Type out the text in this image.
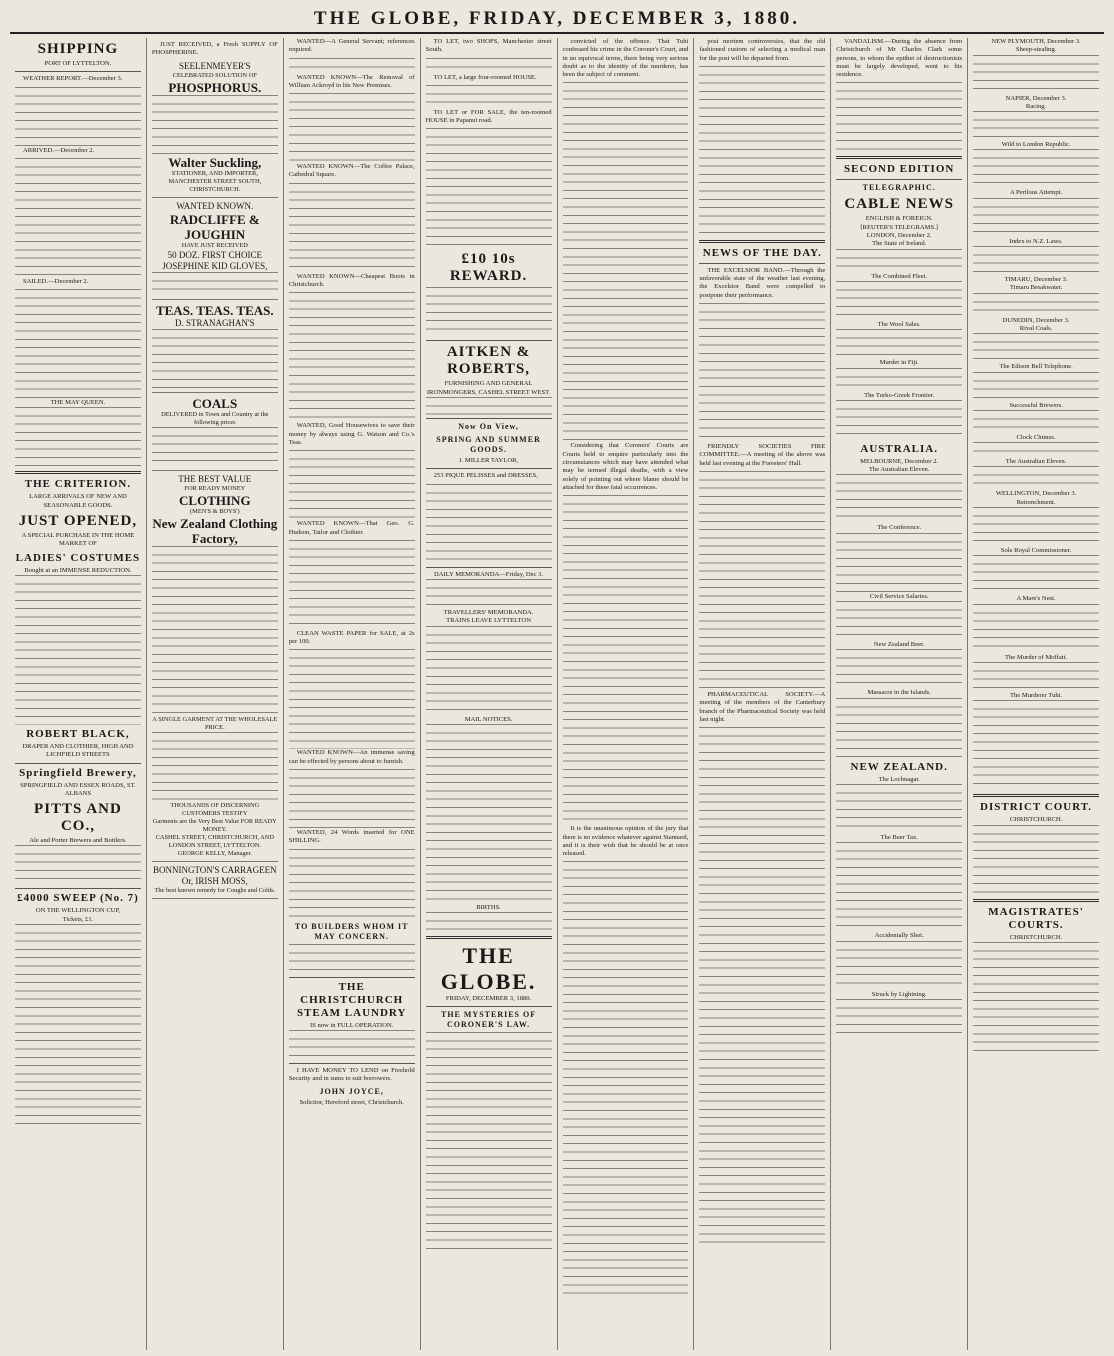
THE GLOBE, FRIDAY, DECEMBER 3, 1880.
SHIPPING
PORT OF LYTTELTON.
WEATHER REPORT.—December 3.
ARRIVED.—December 2.
SAILED.—December 2.
THE MAY QUEEN.
THE CRITERION.
LARGE ARRIVALS OF NEW AND SEASONABLE GOODS.
JUST OPENED,
A SPECIAL PURCHASE IN THE HOME MARKET OF
LADIES' COSTUMES
Bought at an IMMENSE REDUCTION.
ROBERT BLACK,
DRAPER AND CLOTHIER, HIGH AND LICHFIELD STREETS
Springfield Brewery,
SPRINGFIELD AND ESSEX ROADS, ST. ALBANS
PITTS AND CO.,
Ale and Porter Brewers and Bottlers.
£4000 SWEEP (No. 7)
ON THE WELLINGTON CUP,
Tickets, £1.
JUST RECEIVED, a Fresh SUPPLY OF PHOSPHERINE.
SEELENMEYER'S
CELEBRATED SOLUTION OF
PHOSPHORUS.
Walter Suckling,
STATIONER, AND IMPORTER, MANCHESTER STREET SOUTH, CHRISTCHURCH.
WANTED KNOWN.
RADCLIFFE & JOUGHIN
HAVE JUST RECEIVED
50 DOZ. FIRST CHOICE JOSEPHINE KID GLOVES,
TEAS. TEAS. TEAS.
D. STRANAGHAN'S
COALS
DELIVERED in Town and Country at the following prices
THE BEST VALUE
FOR READY MONEY
CLOTHING
(MEN'S & BOYS')
New Zealand Clothing Factory,
A SINGLE GARMENT AT THE WHOLESALE PRICE.
THOUSANDS OF DISCERNING CUSTOMERS TESTIFY
Garments are the Very Best Value FOR READY MONEY.
CASHEL STREET, CHRISTCHURCH, AND LONDON STREET, LYTTELTON.
GEORGE KELLY, Manager.
BONNINGTON'S CARRAGEEN
Or, IRISH MOSS,
The best known remedy for Coughs and Colds.
WANTED—A General Servant; references required.
WANTED KNOWN—The Removal of William Ackroyd to his New Premises.
WANTED KNOWN—The Coffee Palace, Cathedral Square.
WANTED KNOWN—Cheapest Boots in Christchurch.
WANTED, Good Housewives to save their money by always using G. Watson and Co.'s Teas.
WANTED KNOWN—That Geo. G. Hudson, Tailor and Clothier.
CLEAN WASTE PAPER for SALE, at 2s per 100.
WANTED KNOWN—An immense saving can be effected by persons about to furnish.
WANTED, 24 Words inserted for ONE SHILLING.
TO BUILDERS WHOM IT MAY CONCERN.
THE CHRISTCHURCH STEAM LAUNDRY
IS now in FULL OPERATION.
I HAVE MONEY TO LEND on Freehold Security and in sums to suit borrowers.
JOHN JOYCE,
Solicitor, Hereford street, Christchurch.
TO LET, two SHOPS, Manchester street South.
TO LET, a large four-roomed HOUSE.
TO LET or FOR SALE, the ten-roomed HOUSE in Papanui road.
£10 10s REWARD.
AITKEN & ROBERTS,
FURNISHING AND GENERAL IRONMONGERS, CASHEL STREET WEST.
Now On View,
SPRING AND SUMMER GOODS.
J. MILLER TAYLOR,
253 PIQUE PELISSES and DRESSES,
DAILY MEMORANDA—Friday, Dec 3.
TRAVELLERS' MEMORANDA.
TRAINS LEAVE LYTTELTON
MAIL NOTICES.
BIRTHS.
THE GLOBE.
FRIDAY, DECEMBER 3, 1880.
THE MYSTERIES OF CORONER'S LAW.
convicted of the offence. That Tuhi confessed his crime in the Coroner's Court, and in no equivocal terms, there being very serious doubt as to the identity of the murderer, has been the subject of comment.
Considering that Coroners' Courts are Courts held to enquire particularly into the circumstances which may have attended what may be termed illegal deaths, with a view solely of pointing out where blame should be attached for these fatal occurrences.
It is the unanimous opinion of the jury that there is no evidence whatever against Stannard, and it is their wish that he should be at once released.
post mortem controversies, that the old fashioned custom of selecting a medical man for the post will be departed from.
NEWS OF THE DAY.
THE EXCELSIOR BAND.—Through the unfavorable state of the weather last evening, the Excelsior Band were compelled to postpone their performance.
FRIENDLY SOCIETIES FIRE COMMITTEE.—A meeting of the above was held last evening at the Foresters' Hall.
PHARMACEUTICAL SOCIETY.—A meeting of the members of the Canterbury branch of the Pharmaceutical Society was held last night.
VANDALISM.—During the absence from Christchurch of Mr Charles Clark some persons, to whom the epithet of destructionists must be largely developed, went to his residence.
SECOND EDITION
TELEGRAPHIC.
CABLE NEWS
ENGLISH & FOREIGN.
[REUTER'S TELEGRAMS.]
LONDON, December 2.
The State of Ireland.
The Combined Fleet.
The Wool Sales.
Murder in Fiji.
The Turko-Greek Frontier.
AUSTRALIA.
MELBOURNE, December 2.
The Australian Eleven.
The Conference.
Civil Service Salaries.
New Zealand Beer.
Massacre in the Islands.
NEW ZEALAND.
The Lochnagar.
The Beer Tax.
Accidentally Shot.
Struck by Lightning.
NEW PLYMOUTH, December 3.
Sheep-stealing.
NAPIER, December 3.
Racing.
Wild to London Republic.
A Perilous Attempt.
Index to N.Z. Laws.
TIMARU, December 3.
Timaru Breakwater.
DUNEDIN, December 3.
Rival Coals.
The Edison Bell Telephone.
Successful Brewers.
Clock Chimes.
The Australian Eleven.
WELLINGTON, December 3.
Retrenchment.
Sole Royal Commissioner.
A Mare's Nest.
The Murder of Moffatt.
The Murderer Tuhi.
DISTRICT COURT.
CHRISTCHURCH.
MAGISTRATES' COURTS.
CHRISTCHURCH.
